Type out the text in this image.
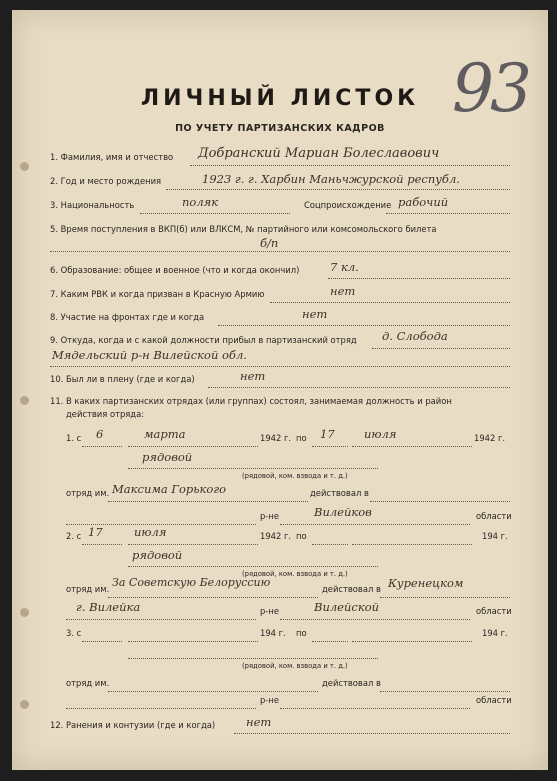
93
ЛИЧНЫЙ ЛИСТОК
ПО УЧЕТУ ПАРТИЗАНСКИХ КАДРОВ
1. Фамилия, имя и отчество Добранский Мариан Болеславович
2. Год и место рождения	1923 г. г. Харбин Маньчжурской республ.
3. Национальность	поляк	Соцпроисхождение рабочий
5. Время поступления в ВКП(б) или ВЛКСМ, № партийного или комсомольского билета
б/п
6. Образование: общее и военное (что и когда окончил)	7 кл.
7. Каким РВК и когда призван в Красную Армию	нет
8. Участие на фронтах где и когда	нет
9. Откуда, когда и с какой должности прибыл в партизанский отряд д. Слобода
Мядельский р-н Вилейской обл.
10. Был ли в плену (где и когда)	нет
11. В каких партизанских отрядах (или группах) состоял, занимаемая должность и район
действия отряда:
1. с 6	марта	1942 г. по 17	июля	1942 г.
рядовой
(рядовой, ком. взвода и т. д.)
отряд им. Максима Горького	действовал в
р-не	Вилейков	области
2. с 17	июля	1942 г. по	194 г.
рядовой
(рядовой, ком. взвода и т. д.)
отряд им. За Советскую Белоруссию	действовал в Куренецком
г. Вилейка	р-не	Вилейской	области
3. с	194 г. по	194 г.
(рядовой, ком. взвода и т. д.)
отряд им.	действовал в
р-не	области
12. Ранения и контузии (где и когда)	нет
